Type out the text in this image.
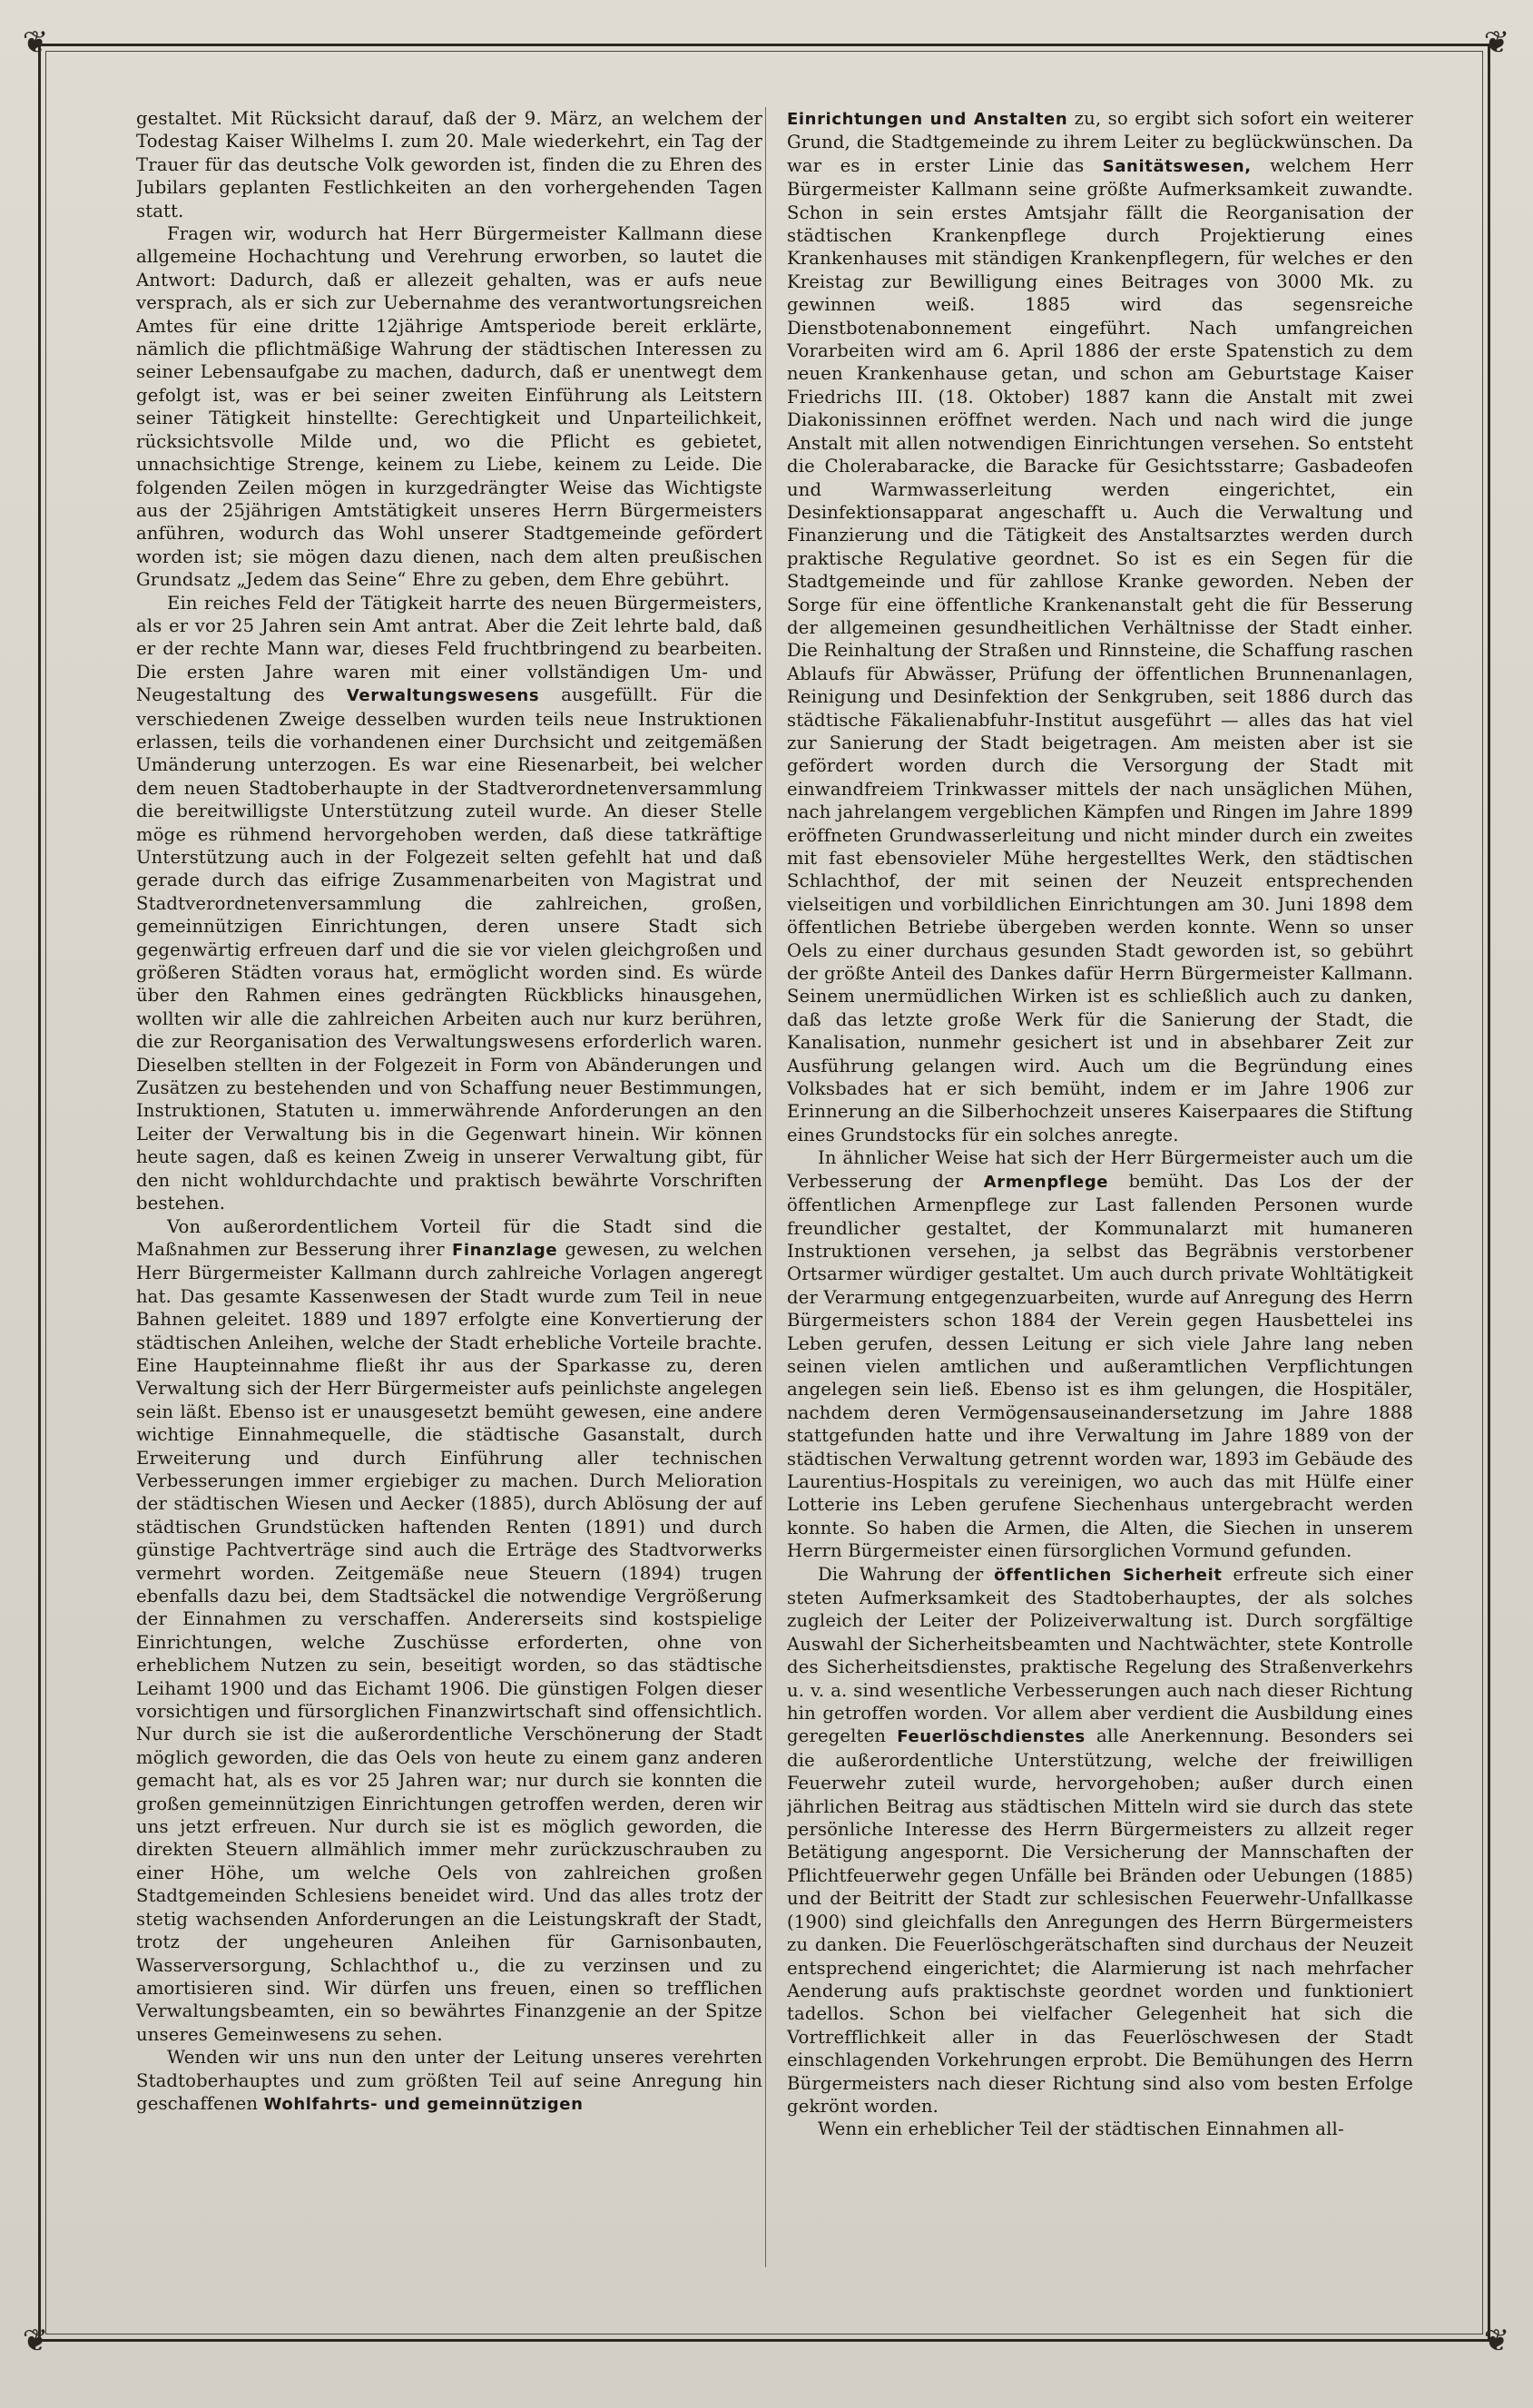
❦	❦
❦	❦

gestaltet. Mit Rücksicht darauf, daß der 9. März, an welchem der Todestag Kaiser Wilhelms I. zum 20. Male wiederkehrt, ein Tag der Trauer für das deutsche Volk geworden ist, finden die zu Ehren des Jubilars geplanten Festlichkeiten an den vorhergehenden Tagen statt.

Fragen wir, wodurch hat Herr Bürgermeister Kallmann diese allgemeine Hochachtung und Verehrung erworben, so lautet die Antwort: Dadurch, daß er allezeit gehalten, was er aufs neue versprach, als er sich zur Uebernahme des verantwortungsreichen Amtes für eine dritte 12jährige Amtsperiode bereit erklärte, nämlich die pflichtmäßige Wahrung der städtischen Interessen zu seiner Lebensaufgabe zu machen, dadurch, daß er unentwegt dem gefolgt ist, was er bei seiner zweiten Einführung als Leitstern seiner Tätigkeit hinstellte: Gerechtigkeit und Unparteilichkeit, rücksichtsvolle Milde und, wo die Pflicht es gebietet, unnachsichtige Strenge, keinem zu Liebe, keinem zu Leide. Die folgenden Zeilen mögen in kurzgedrängter Weise das Wichtigste aus der 25jährigen Amtstätigkeit unseres Herrn Bürgermeisters anführen, wodurch das Wohl unserer Stadtgemeinde gefördert worden ist; sie mögen dazu dienen, nach dem alten preußischen Grundsatz „Jedem das Seine“ Ehre zu geben, dem Ehre gebührt.

Ein reiches Feld der Tätigkeit harrte des neuen Bürgermeisters, als er vor 25 Jahren sein Amt antrat. Aber die Zeit lehrte bald, daß er der rechte Mann war, dieses Feld fruchtbringend zu bearbeiten. Die ersten Jahre waren mit einer vollständigen Um- und Neugestaltung des Verwaltungswesens ausgefüllt. Für die verschiedenen Zweige desselben wurden teils neue Instruktionen erlassen, teils die vorhandenen einer Durchsicht und zeitgemäßen Umänderung unterzogen. Es war eine Riesenarbeit, bei welcher dem neuen Stadtoberhaupte in der Stadtverordnetenversammlung die bereitwilligste Unterstützung zuteil wurde. An dieser Stelle möge es rühmend hervorgehoben werden, daß diese tatkräftige Unterstützung auch in der Folgezeit selten gefehlt hat und daß gerade durch das eifrige Zusammenarbeiten von Magistrat und Stadtverordnetenversammlung die zahlreichen, großen, gemeinnützigen Einrichtungen, deren unsere Stadt sich gegenwärtig erfreuen darf und die sie vor vielen gleichgroßen und größeren Städten voraus hat, ermöglicht worden sind. Es würde über den Rahmen eines gedrängten Rückblicks hinausgehen, wollten wir alle die zahlreichen Arbeiten auch nur kurz berühren, die zur Reorganisation des Verwaltungswesens erforderlich waren. Dieselben stellten in der Folgezeit in Form von Abänderungen und Zusätzen zu bestehenden und von Schaffung neuer Bestimmungen, Instruktionen, Statuten u. immerwährende Anforderungen an den Leiter der Verwaltung bis in die Gegenwart hinein. Wir können heute sagen, daß es keinen Zweig in unserer Verwaltung gibt, für den nicht wohldurchdachte und praktisch bewährte Vorschriften bestehen.

Von außerordentlichem Vorteil für die Stadt sind die Maßnahmen zur Besserung ihrer Finanzlage gewesen, zu welchen Herr Bürgermeister Kallmann durch zahlreiche Vorlagen angeregt hat. Das gesamte Kassenwesen der Stadt wurde zum Teil in neue Bahnen geleitet. 1889 und 1897 erfolgte eine Konvertierung der städtischen Anleihen, welche der Stadt erhebliche Vorteile brachte. Eine Haupteinnahme fließt ihr aus der Sparkasse zu, deren Verwaltung sich der Herr Bürgermeister aufs peinlichste angelegen sein läßt. Ebenso ist er unausgesetzt bemüht gewesen, eine andere wichtige Einnahmequelle, die städtische Gasanstalt, durch Erweiterung und durch Einführung aller technischen Verbesserungen immer ergiebiger zu machen. Durch Melioration der städtischen Wiesen und Aecker (1885), durch Ablösung der auf städtischen Grundstücken haftenden Renten (1891) und durch günstige Pachtverträge sind auch die Erträge des Stadtvorwerks vermehrt worden. Zeitgemäße neue Steuern (1894) trugen ebenfalls dazu bei, dem Stadtsäckel die notwendige Vergrößerung der Einnahmen zu verschaffen. Andererseits sind kostspielige Einrichtungen, welche Zuschüsse erforderten, ohne von erheblichem Nutzen zu sein, beseitigt worden, so das städtische Leihamt 1900 und das Eichamt 1906. Die günstigen Folgen dieser vorsichtigen und fürsorglichen Finanzwirtschaft sind offensichtlich. Nur durch sie ist die außerordentliche Verschönerung der Stadt möglich geworden, die das Oels von heute zu einem ganz anderen gemacht hat, als es vor 25 Jahren war; nur durch sie konnten die großen gemeinnützigen Einrichtungen getroffen werden, deren wir uns jetzt erfreuen. Nur durch sie ist es möglich geworden, die direkten Steuern allmählich immer mehr zurückzuschrauben zu einer Höhe, um welche Oels von zahlreichen großen Stadtgemeinden Schlesiens beneidet wird. Und das alles trotz der stetig wachsenden Anforderungen an die Leistungskraft der Stadt, trotz der ungeheuren Anleihen für Garnisonbauten, Wasserversorgung, Schlachthof u., die zu verzinsen und zu amortisieren sind. Wir dürfen uns freuen, einen so trefflichen Verwaltungsbeamten, ein so bewährtes Finanzgenie an der Spitze unseres Gemeinwesens zu sehen.

Wenden wir uns nun den unter der Leitung unseres verehrten Stadtoberhauptes und zum größten Teil auf seine Anregung hin geschaffenen Wohlfahrts- und gemeinnützigen

Einrichtungen und Anstalten zu, so ergibt sich sofort ein weiterer Grund, die Stadtgemeinde zu ihrem Leiter zu beglückwünschen. Da war es in erster Linie das Sanitätswesen, welchem Herr Bürgermeister Kallmann seine größte Aufmerksamkeit zuwandte. Schon in sein erstes Amtsjahr fällt die Reorganisation der städtischen Krankenpflege durch Projektierung eines Krankenhauses mit ständigen Krankenpflegern, für welches er den Kreistag zur Bewilligung eines Beitrages von 3000 Mk. zu gewinnen weiß. 1885 wird das segensreiche Dienstbotenabonnement eingeführt. Nach umfangreichen Vorarbeiten wird am 6. April 1886 der erste Spatenstich zu dem neuen Krankenhause getan, und schon am Geburtstage Kaiser Friedrichs III. (18. Oktober) 1887 kann die Anstalt mit zwei Diakonissinnen eröffnet werden. Nach und nach wird die junge Anstalt mit allen notwendigen Einrichtungen versehen. So entsteht die Cholerabaracke, die Baracke für Gesichtsstarre; Gasbadeofen und Warmwasserleitung werden eingerichtet, ein Desinfektionsapparat angeschafft u. Auch die Verwaltung und Finanzierung und die Tätigkeit des Anstaltsarztes werden durch praktische Regulative geordnet. So ist es ein Segen für die Stadtgemeinde und für zahllose Kranke geworden. Neben der Sorge für eine öffentliche Krankenanstalt geht die für Besserung der allgemeinen gesundheitlichen Verhältnisse der Stadt einher. Die Reinhaltung der Straßen und Rinnsteine, die Schaffung raschen Ablaufs für Abwässer, Prüfung der öffentlichen Brunnenanlagen, Reinigung und Desinfektion der Senkgruben, seit 1886 durch das städtische Fäkalienabfuhr-Institut ausgeführt — alles das hat viel zur Sanierung der Stadt beigetragen. Am meisten aber ist sie gefördert worden durch die Versorgung der Stadt mit einwandfreiem Trinkwasser mittels der nach unsäglichen Mühen, nach jahrelangem vergeblichen Kämpfen und Ringen im Jahre 1899 eröffneten Grundwasserleitung und nicht minder durch ein zweites mit fast ebensovieler Mühe hergestelltes Werk, den städtischen Schlachthof, der mit seinen der Neuzeit entsprechenden vielseitigen und vorbildlichen Einrichtungen am 30. Juni 1898 dem öffentlichen Betriebe übergeben werden konnte. Wenn so unser Oels zu einer durchaus gesunden Stadt geworden ist, so gebührt der größte Anteil des Dankes dafür Herrn Bürgermeister Kallmann. Seinem unermüdlichen Wirken ist es schließlich auch zu danken, daß das letzte große Werk für die Sanierung der Stadt, die Kanalisation, nunmehr gesichert ist und in absehbarer Zeit zur Ausführung gelangen wird. Auch um die Begründung eines Volksbades hat er sich bemüht, indem er im Jahre 1906 zur Erinnerung an die Silberhochzeit unseres Kaiserpaares die Stiftung eines Grundstocks für ein solches anregte.

In ähnlicher Weise hat sich der Herr Bürgermeister auch um die Verbesserung der Armenpflege bemüht. Das Los der der öffentlichen Armenpflege zur Last fallenden Personen wurde freundlicher gestaltet, der Kommunalarzt mit humaneren Instruktionen versehen, ja selbst das Begräbnis verstorbener Ortsarmer würdiger gestaltet. Um auch durch private Wohltätigkeit der Verarmung entgegenzuarbeiten, wurde auf Anregung des Herrn Bürgermeisters schon 1884 der Verein gegen Hausbettelei ins Leben gerufen, dessen Leitung er sich viele Jahre lang neben seinen vielen amtlichen und außeramtlichen Verpflichtungen angelegen sein ließ. Ebenso ist es ihm gelungen, die Hospitäler, nachdem deren Vermögensauseinandersetzung im Jahre 1888 stattgefunden hatte und ihre Verwaltung im Jahre 1889 von der städtischen Verwaltung getrennt worden war, 1893 im Gebäude des Laurentius-Hospitals zu vereinigen, wo auch das mit Hülfe einer Lotterie ins Leben gerufene Siechenhaus untergebracht werden konnte. So haben die Armen, die Alten, die Siechen in unserem Herrn Bürgermeister einen fürsorglichen Vormund gefunden.

Die Wahrung der öffentlichen Sicherheit erfreute sich einer steten Aufmerksamkeit des Stadtoberhauptes, der als solches zugleich der Leiter der Polizeiverwaltung ist. Durch sorgfältige Auswahl der Sicherheitsbeamten und Nachtwächter, stete Kontrolle des Sicherheitsdienstes, praktische Regelung des Straßenverkehrs u. v. a. sind wesentliche Verbesserungen auch nach dieser Richtung hin getroffen worden. Vor allem aber verdient die Ausbildung eines geregelten Feuerlöschdienstes alle Anerkennung. Besonders sei die außerordentliche Unterstützung, welche der freiwilligen Feuerwehr zuteil wurde, hervorgehoben; außer durch einen jährlichen Beitrag aus städtischen Mitteln wird sie durch das stete persönliche Interesse des Herrn Bürgermeisters zu allzeit reger Betätigung angespornt. Die Versicherung der Mannschaften der Pflichtfeuerwehr gegen Unfälle bei Bränden oder Uebungen (1885) und der Beitritt der Stadt zur schlesischen Feuerwehr-Unfallkasse (1900) sind gleichfalls den Anregungen des Herrn Bürgermeisters zu danken. Die Feuerlöschgerätschaften sind durchaus der Neuzeit entsprechend eingerichtet; die Alarmierung ist nach mehrfacher Aenderung aufs praktischste geordnet worden und funktioniert tadellos. Schon bei vielfacher Gelegenheit hat sich die Vortrefflichkeit aller in das Feuerlöschwesen der Stadt einschlagenden Vorkehrungen erprobt. Die Bemühungen des Herrn Bürgermeisters nach dieser Richtung sind also vom besten Erfolge gekrönt worden.

Wenn ein erheblicher Teil der städtischen Einnahmen all-
